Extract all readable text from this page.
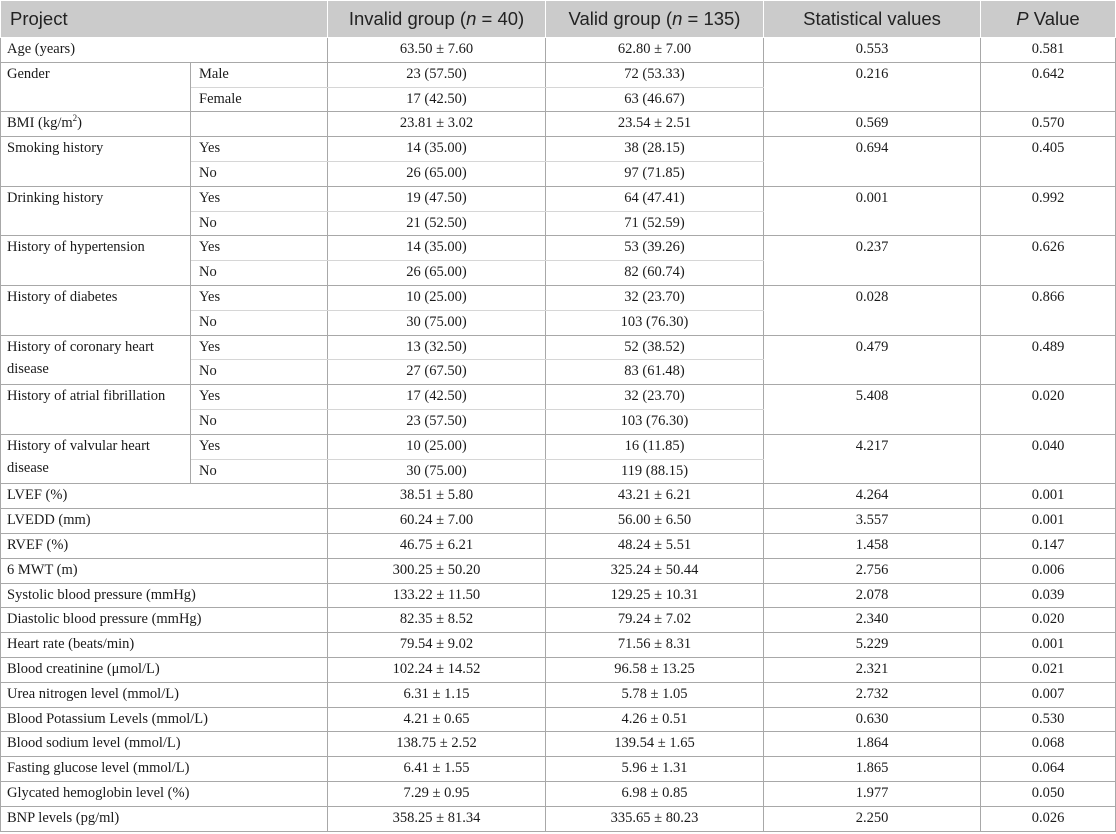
Project		Invalid group (n = 40)	Valid group (n = 135)	Statistical values	P Value
Age (years)		63.50 ± 7.60	62.80 ± 7.00	0.553	0.581
Gender	Male	23 (57.50)	72 (53.33)	0.216	0.642
	Female	17 (42.50)	63 (46.67)		
BMI $(kg/m^2)$		23.81 ± 3.02	23.54 ± 2.51	0.569	0.570
Smoking history	Yes	14 (35.00)	38 (28.15)	0.694	0.405
	No	26 (65.00)	97 (71.85)		
Drinking history	Yes	19 (47.50)	64 (47.41)	0.001	0.992
	No	21 (52.50)	71 (52.59)		
History of hypertension	Yes	14 (35.00)	53 (39.26)	0.237	0.626
	No	26 (65.00)	82 (60.74)		
History of diabetes	Yes	10 (25.00)	32 (23.70)	0.028	0.866
	No	30 (75.00)	103 (76.30)		
History of coronary heart
disease	Yes	13 (32.50)	52 (38.52)	0.479	0.489
	No	27 (67.50)	83 (61.48)		
History of atrial fibrillation	Yes	17 (42.50)	32 (23.70)	5.408	0.020
	No	23 (57.50)	103 (76.30)		
History of valvular heart
disease	Yes	10 (25.00)	16 (11.85)	4.217	0.040
	No	30 (75.00)	119 (88.15)		
LVEF (%)		38.51 ± 5.80	43.21 ± 6.21	4.264	0.001
LVEDD (mm)		60.24 ± 7.00	56.00 ± 6.50	3.557	0.001
RVEF (%)		46.75 ± 6.21	48.24 ± 5.51	1.458	0.147
6 MWT (m)		300.25 ± 50.20	325.24 ± 50.44	2.756	0.006
Systolic blood pressure (mmHg)		133.22 ± 11.50	129.25 ± 10.31	2.078	0.039
Diastolic blood pressure (mmHg)		82.35 ± 8.52	79.24 ± 7.02	2.340	0.020
Heart rate (beats/min)		79.54 ± 9.02	71.56 ± 8.31	5.229	0.001
Blood creatinine (μmol/L)		102.24 ± 14.52	96.58 ± 13.25	2.321	0.021
Urea nitrogen level (mmol/L)		6.31 ± 1.15	5.78 ± 1.05	2.732	0.007
Blood Potassium Levels (mmol/L)		4.21 ± 0.65	4.26 ± 0.51	0.630	0.530
Blood sodium level (mmol/L)		138.75 ± 2.52	139.54 ± 1.65	1.864	0.068
Fasting glucose level (mmol/L)		6.41 ± 1.55	5.96 ± 1.31	1.865	0.064
Glycated hemoglobin level (%)		7.29 ± 0.95	6.98 ± 0.85	1.977	0.050
BNP levels (pg/ml)		358.25 ± 81.34	335.65 ± 80.23	2.250	0.026
